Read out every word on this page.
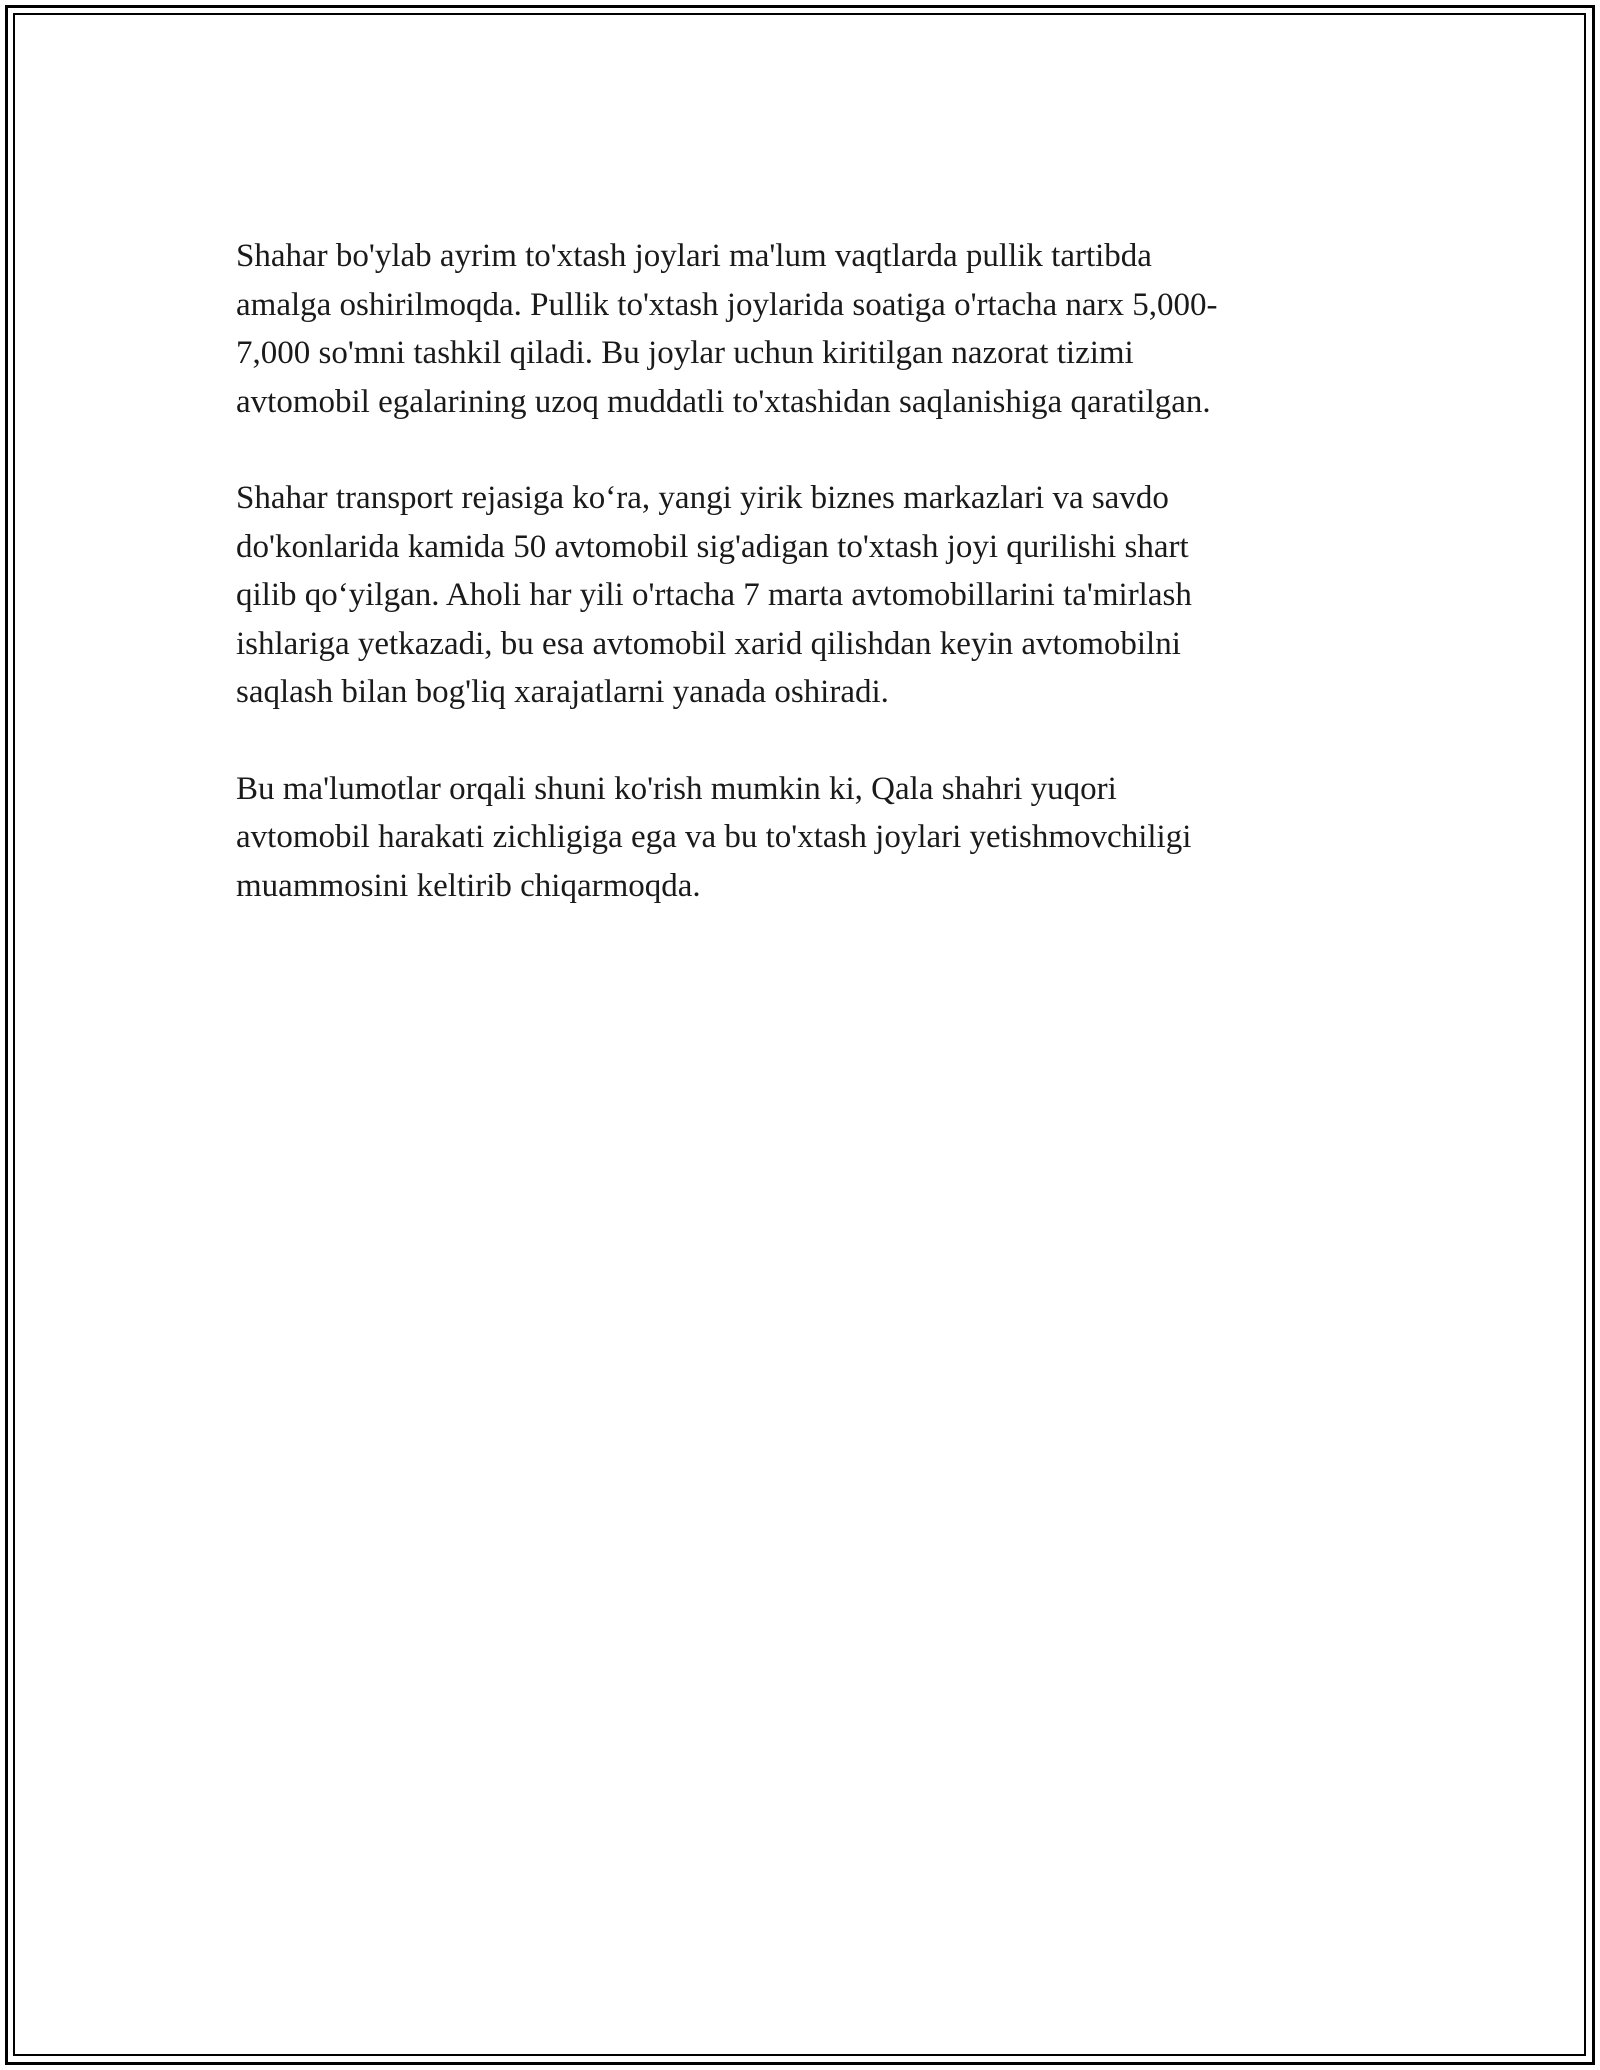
Shahar bo'ylab ayrim to'xtash joylari ma'lum vaqtlarda pullik tartibda
amalga oshirilmoqda. Pullik to'xtash joylarida soatiga o'rtacha narx 5,000-
7,000 so'mni tashkil qiladi. Bu joylar uchun kiritilgan nazorat tizimi
avtomobil egalarining uzoq muddatli to'xtashidan saqlanishiga qaratilgan.

Shahar transport rejasiga ko‘ra, yangi yirik biznes markazlari va savdo
do'konlarida kamida 50 avtomobil sig'adigan to'xtash joyi qurilishi shart
qilib qo‘yilgan. Aholi har yili o'rtacha 7 marta avtomobillarini ta'mirlash
ishlariga yetkazadi, bu esa avtomobil xarid qilishdan keyin avtomobilni
saqlash bilan bog'liq xarajatlarni yanada oshiradi.

Bu ma'lumotlar orqali shuni ko'rish mumkin ki, Qala shahri yuqori
avtomobil harakati zichligiga ega va bu to'xtash joylari yetishmovchiligi
muammosini keltirib chiqarmoqda.
